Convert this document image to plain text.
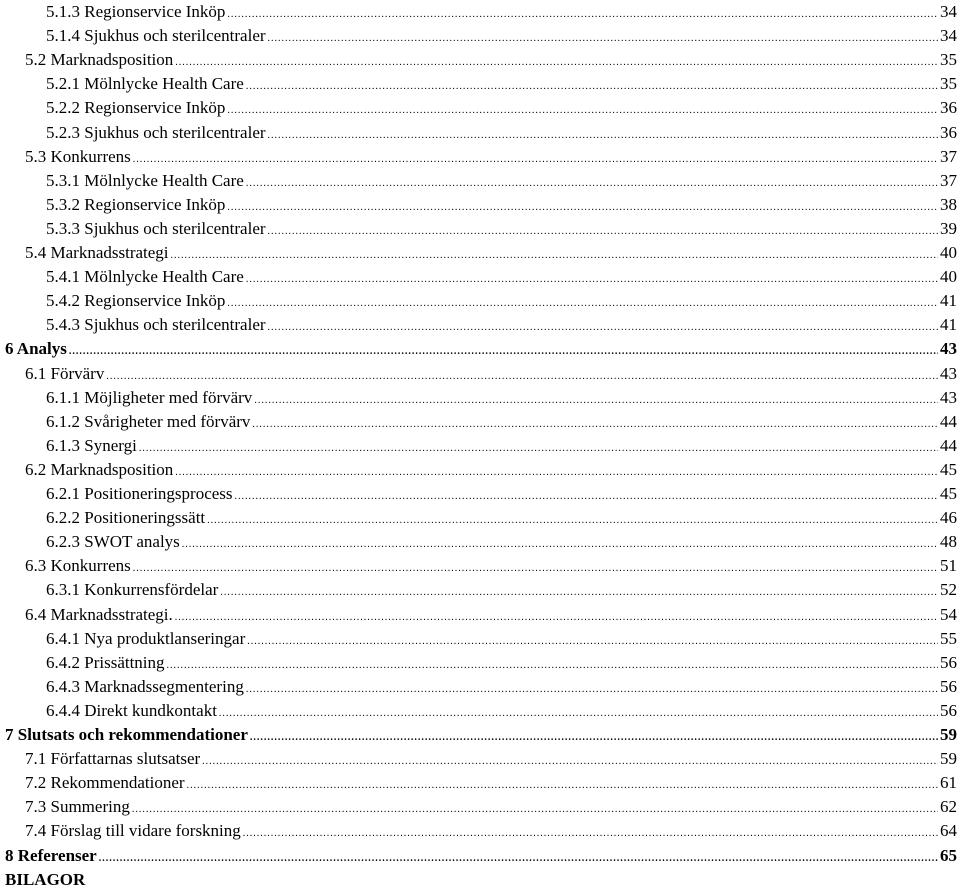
5.1.3 Regionservice Inköp .....	34
5.1.4 Sjukhus och sterilcentraler .....	34
5.2 Marknadsposition .....	35
5.2.1 Mölnlycke Health Care .....	35
5.2.2 Regionservice Inköp .....	36
5.2.3 Sjukhus och sterilcentraler .....	36
5.3 Konkurrens .....	37
5.3.1 Mölnlycke Health Care .....	37
5.3.2 Regionservice Inköp .....	38
5.3.3 Sjukhus och sterilcentraler .....	39
5.4 Marknadsstrategi .....	40
5.4.1 Mölnlycke Health Care .....	40
5.4.2 Regionservice Inköp .....	41
5.4.3 Sjukhus och sterilcentraler .....	41
6 Analys .....	43
6.1 Förvärv .....	43
6.1.1 Möjligheter med förvärv .....	43
6.1.2 Svårigheter med förvärv .....	44
6.1.3 Synergi .....	44
6.2 Marknadsposition .....	45
6.2.1 Positioneringsprocess .....	45
6.2.2 Positioneringssätt .....	46
6.2.3 SWOT analys .....	48
6.3 Konkurrens .....	51
6.3.1 Konkurrensfördelar .....	52
6.4 Marknadsstrategi. .....	54
6.4.1 Nya produktlanseringar .....	55
6.4.2 Prissättning .....	56
6.4.3 Marknadssegmentering .....	56
6.4.4 Direkt kundkontakt .....	56
7 Slutsats och rekommendationer .....	59
7.1 Författarnas slutsatser .....	59
7.2 Rekommendationer .....	61
7.3 Summering .....	62
7.4 Förslag till vidare forskning .....	64
8 Referenser .....	65
BILAGOR
